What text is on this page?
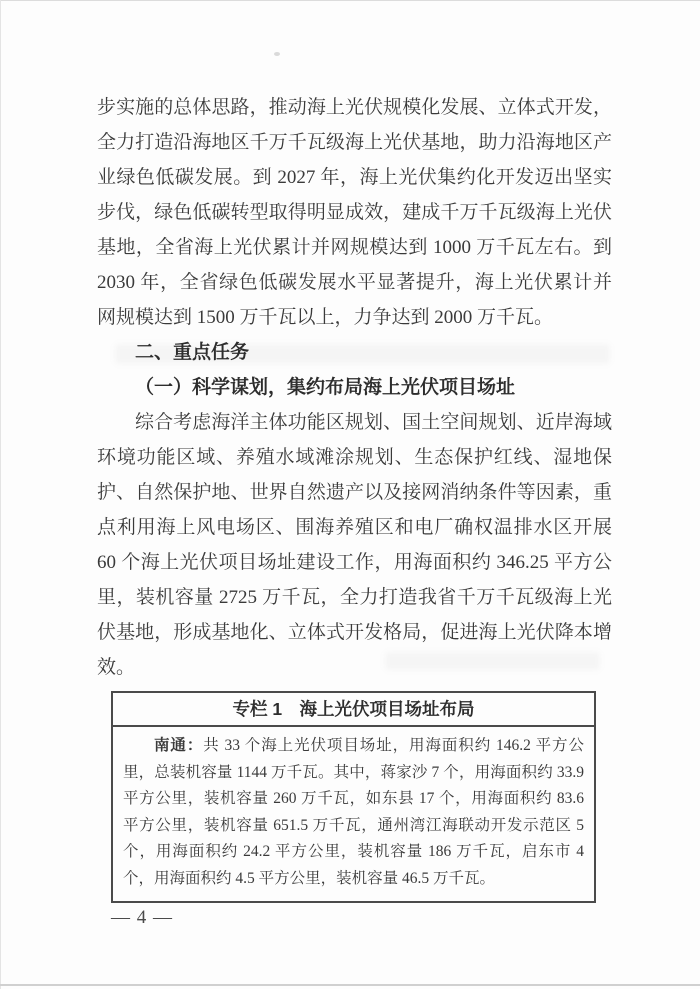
步实施的总体思路，推动海上光伏规模化发展、立体式开发，全力打造沿海地区千万千瓦级海上光伏基地，助力沿海地区产业绿色低碳发展。到 2027 年，海上光伏集约化开发迈出坚实步伐，绿色低碳转型取得明显成效，建成千万千瓦级海上光伏基地，全省海上光伏累计并网规模达到 1000 万千瓦左右。到 2030 年，全省绿色低碳发展水平显著提升，海上光伏累计并网规模达到 1500 万千瓦以上，力争达到 2000 万千瓦。

二、重点任务
（一）科学谋划，集约布局海上光伏项目场址

综合考虑海洋主体功能区规划、国土空间规划、近岸海域环境功能区域、养殖水域滩涂规划、生态保护红线、湿地保护、自然保护地、世界自然遗产以及接网消纳条件等因素，重点利用海上风电场区、围海养殖区和电厂确权温排水区开展 60 个海上光伏项目场址建设工作，用海面积约 346.25 平方公里，装机容量 2725 万千瓦，全力打造我省千万千瓦级海上光伏基地，形成基地化、立体式开发格局，促进海上光伏降本增效。

专栏 1　海上光伏项目场址布局

南通：共 33 个海上光伏项目场址，用海面积约 146.2 平方公里，总装机容量 1144 万千瓦。其中，蒋家沙 7 个，用海面积约 33.9 平方公里，装机容量 260 万千瓦，如东县 17 个，用海面积约 83.6 平方公里，装机容量 651.5 万千瓦，通州湾江海联动开发示范区 5 个，用海面积约 24.2 平方公里，装机容量 186 万千瓦，启东市 4 个，用海面积约 4.5 平方公里，装机容量 46.5 万千瓦。

— 4 —
